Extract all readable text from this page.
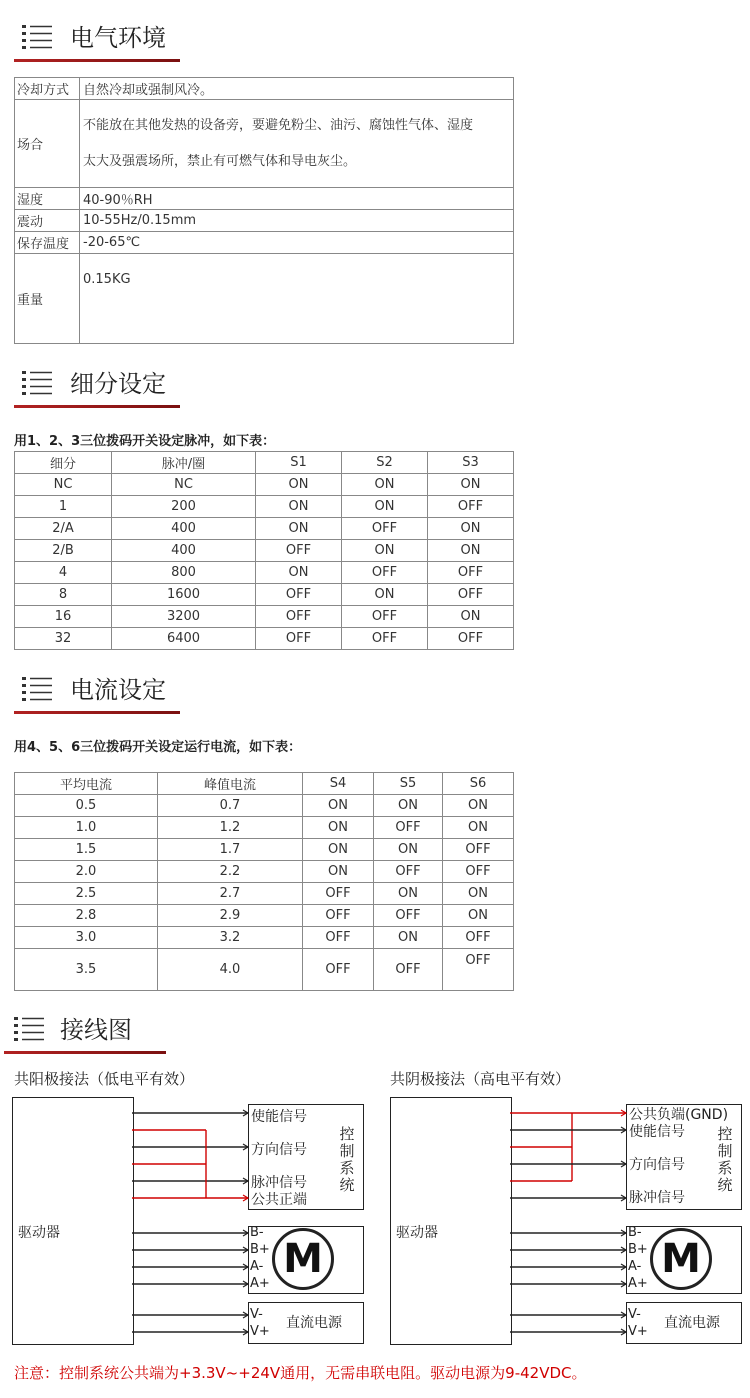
电气环境
冷却方式	自然冷却或强制风冷。
场合	不能放在其他发热的设备旁，要避免粉尘、油污、腐蚀性气体、湿度
太大及强震场所，禁止有可燃气体和导电灰尘。

湿度	40-90％RH
震动	10-55Hz/0.15mm
保存温度	-20-65℃
重量	0.15KG
细分设定
用1、2、3三位拨码开关设定脉冲，如下表：
细分	脉冲/圈	S1	S2	S3
NC	NC	ON	ON	ON
1	200	ON	ON	OFF
2/A	400	ON	OFF	ON
2/B	400	OFF	ON	ON
4	800	ON	OFF	OFF
8	1600	OFF	ON	OFF
16	3200	OFF	OFF	ON
32	6400	OFF	OFF	OFF
电流设定
用4、5、6三位拨码开关设定运行电流，如下表：
平均电流	峰值电流	S4	S5	S6
0.5	0.7	ON	ON	ON
1.0	1.2	ON	OFF	ON
1.5	1.7	ON	ON	OFF
2.0	2.2	ON	OFF	OFF
2.5	2.7	OFF	ON	ON
2.8	2.9	OFF	OFF	ON
3.0	3.2	OFF	ON	OFF
3.5	4.0	OFF	OFF	OFF
接线图
共阳极接法（低电平有效）	共阴极接法（高电平有效）
驱动器
控
制
系
统
M
B-
B+
A-
A+
V-
V+
直流电源
使能信号
方向信号
脉冲信号
公共正端
驱动器
控
制
系
统
M
B-
B+
A-
A+
V-
V+
直流电源
公共负端(GND)
使能信号
方向信号
脉冲信号
注意：控制系统公共端为+3.3V~+24V通用，无需串联电阻。驱动电源为9-42VDC。
